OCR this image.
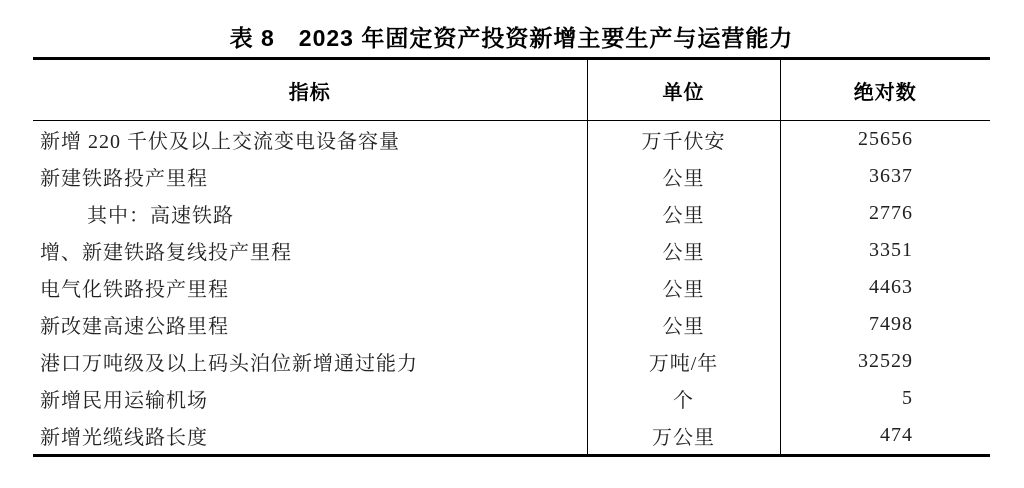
表 8　2023 年固定资产投资新增主要生产与运营能力
指标	单位	绝对数
新增 220 千伏及以上交流变电设备容量	万千伏安	25656
新建铁路投产里程	公里	3637
其中：高速铁路	公里	2776
增、新建铁路复线投产里程	公里	3351
电气化铁路投产里程	公里	4463
新改建高速公路里程	公里	7498
港口万吨级及以上码头泊位新增通过能力	万吨/年	32529
新增民用运输机场	个	5
新增光缆线路长度	万公里	474
